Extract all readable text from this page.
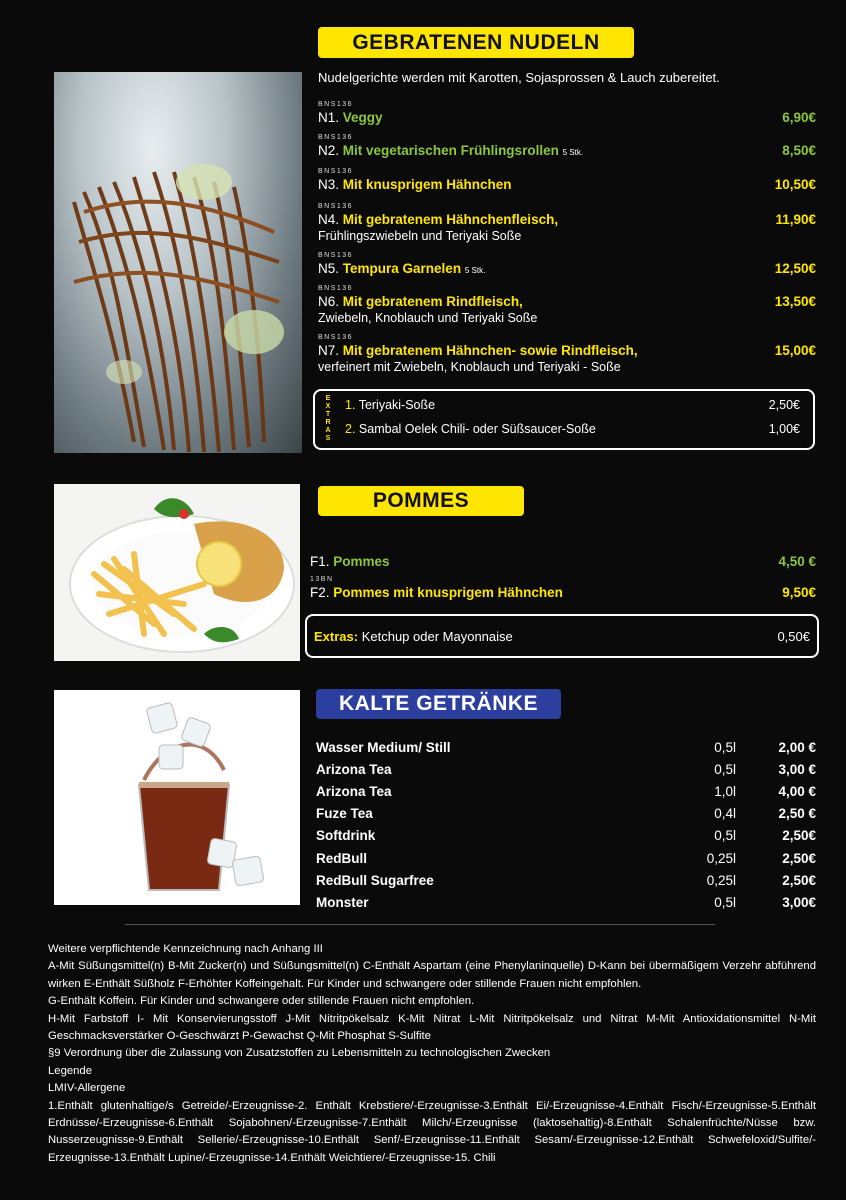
GEBRATENEN NUDELN
Nudelgerichte werden mit Karotten, Sojasprossen & Lauch zubereitet.
BNS136
N1. Veggy	6,90€
BNS136
N2. Mit vegetarischen Frühlingsrollen 5 Stk.	8,50€
BNS136
N3. Mit knusprigem Hähnchen	10,50€
BNS136
N4. Mit gebratenem Hähnchenfleisch,	11,90€
Frühlingszwiebeln und Teriyaki Soße
BNS136
N5. Tempura Garnelen 5 Stk.	12,50€
BNS136
N6. Mit gebratenem Rindfleisch,	13,50€
Zwiebeln, Knoblauch und Teriyaki Soße
BNS136
N7. Mit gebratenem Hähnchen- sowie Rindfleisch,	15,00€
verfeinert mit Zwiebeln, Knoblauch und Teriyaki - Soße
EXTRAS
1. Teriyaki-Soße	2,50€
2. Sambal Oelek Chili- oder Süßsaucer-Soße	1,00€
POMMES
F1. Pommes	4,50 €
13BN
F2. Pommes mit knusprigem Hähnchen	9,50€
Extras: Ketchup oder Mayonnaise	0,50€
KALTE GETRÄNKE
Wasser Medium/ Still	0,5l	2,00 €
Arizona Tea	0,5l	3,00 €
Arizona Tea	1,0l	4,00 €
Fuze Tea	0,4l	2,50 €
Softdrink	0,5l	2,50€
RedBull	0,25l	2,50€
RedBull Sugarfree	0,25l	2,50€
Monster	0,5l	3,00€
Weitere verpflichtende Kennzeichnung nach Anhang III
A-Mit Süßungsmittel(n) B-Mit Zucker(n) und Süßungsmittel(n) C-Enthält Aspartam (eine Phenylaninquelle) D-Kann bei übermäßigem Verzehr abführend wirken E-Enthält Süßholz F-Erhöhter Koffeingehalt. Für Kinder und schwangere oder stillende Frauen nicht empfohlen.
G-Enthält Koffein. Für Kinder und schwangere oder stillende Frauen nicht empfohlen.
H-Mit Farbstoff I- Mit Konservierungsstoff J-Mit Nitritpökelsalz K-Mit Nitrat L-Mit Nitritpökelsalz und Nitrat M-Mit Antioxidationsmittel N-Mit Geschmacksverstärker O-Geschwärzt P-Gewachst Q-Mit Phosphat S-Sulfite
§9 Verordnung über die Zulassung von Zusatzstoffen zu Lebensmitteln zu technologischen Zwecken
Legende
LMIV-Allergene
1.Enthält glutenhaltige/s Getreide/-Erzeugnisse-2. Enthält Krebstiere/-Erzeugnisse-3.Enthält Ei/-Erzeugnisse-4.Enthält Fisch/-Erzeugnisse-5.Enthält Erdnüsse/-Erzeugnisse-6.Enthält Sojabohnen/-Erzeugnisse-7.Enthält Milch/-Erzeugnisse (laktosehaltig)-8.Enthält Schalenfrüchte/Nüsse bzw. Nusserzeugnisse-9.Enthält Sellerie/-Erzeugnisse-10.Enthält Senf/-Erzeugnisse-11.Enthält Sesam/-Erzeugnisse-12.Enthält Schwefeloxid/Sulfite/-Erzeugnisse-13.Enthält Lupine/-Erzeugnisse-14.Enthält Weichtiere/-Erzeugnisse-15. Chili
